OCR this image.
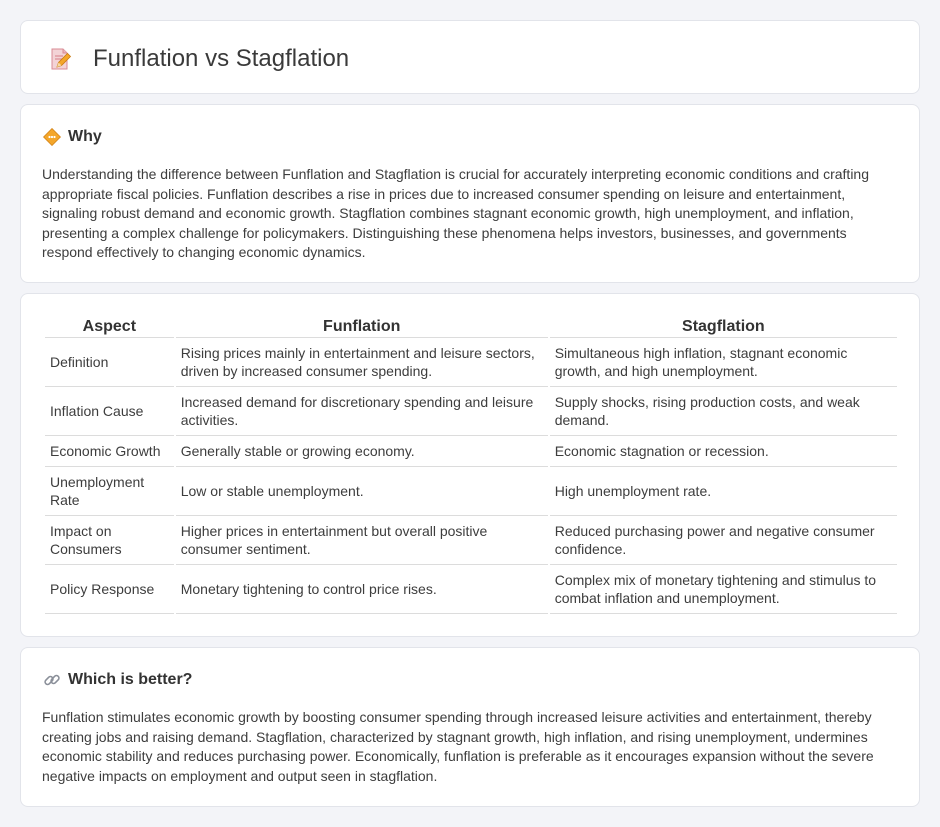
Funflation vs Stagflation
Why

Understanding the difference between Funflation and Stagflation is crucial for accurately interpreting economic conditions and crafting appropriate fiscal policies. Funflation describes a rise in prices due to increased consumer spending on leisure and entertainment, signaling robust demand and economic growth. Stagflation combines stagnant economic growth, high unemployment, and inflation, presenting a complex challenge for policymakers. Distinguishing these phenomena helps investors, businesses, and governments respond effectively to changing economic dynamics.

Aspect	Funflation	Stagflation
Definition	Rising prices mainly in entertainment and leisure sectors, driven by increased consumer spending.	Simultaneous high inflation, stagnant economic growth, and high unemployment.
Inflation Cause	Increased demand for discretionary spending and leisure activities.	Supply shocks, rising production costs, and weak demand.
Economic Growth	Generally stable or growing economy.	Economic stagnation or recession.
Unemployment Rate	Low or stable unemployment.	High unemployment rate.
Impact on Consumers	Higher prices in entertainment but overall positive consumer sentiment.	Reduced purchasing power and negative consumer confidence.
Policy Response	Monetary tightening to control price rises.	Complex mix of monetary tightening and stimulus to combat inflation and unemployment.
Which is better?

Funflation stimulates economic growth by boosting consumer spending through increased leisure activities and entertainment, thereby creating jobs and raising demand. Stagflation, characterized by stagnant growth, high inflation, and rising unemployment, undermines economic stability and reduces purchasing power. Economically, funflation is preferable as it encourages expansion without the severe negative impacts on employment and output seen in stagflation.
